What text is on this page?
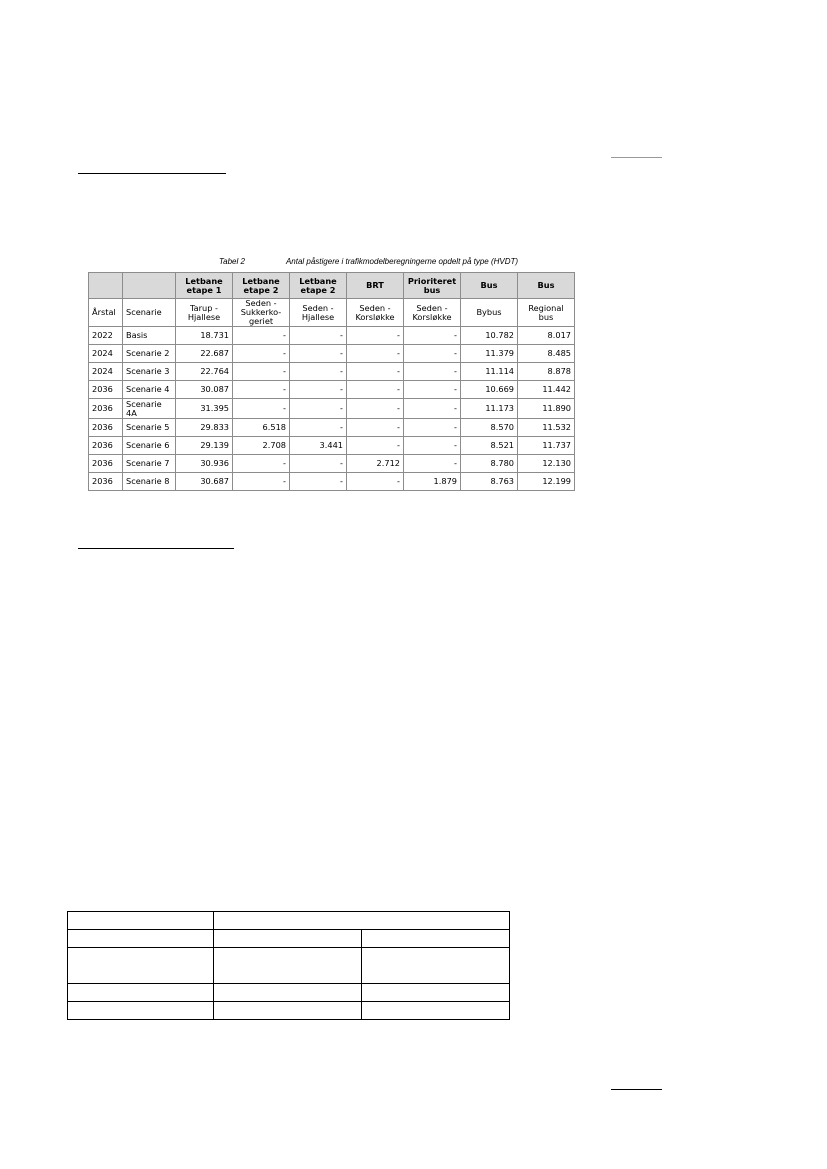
Tabel 2	Antal påstigere i trafikmodelberegningerne opdelt på type (HVDT)
		Letbane etape 1	Letbane etape 2	Letbane etape 2	BRT	Prioriteret bus	Bus	Bus
Årstal	Scenarie	Tarup - Hjallese	Seden - Sukkerko-geriet	Seden - Hjallese	Seden - Korsløkke	Seden - Korsløkke	Bybus	Regional bus
2022	Basis	18.731	-	-	-	-	10.782	8.017
2024	Scenarie 2	22.687	-	-	-	-	11.379	8.485
2024	Scenarie 3	22.764	-	-	-	-	11.114	8.878
2036	Scenarie 4	30.087	-	-	-	-	10.669	11.442
2036	Scenarie 4A	31.395	-	-	-	-	11.173	11.890
2036	Scenarie 5	29.833	6.518	-	-	-	8.570	11.532
2036	Scenarie 6	29.139	2.708	3.441	-	-	8.521	11.737
2036	Scenarie 7	30.936	-	-	2.712	-	8.780	12.130
2036	Scenarie 8	30.687	-	-	-	1.879	8.763	12.199
